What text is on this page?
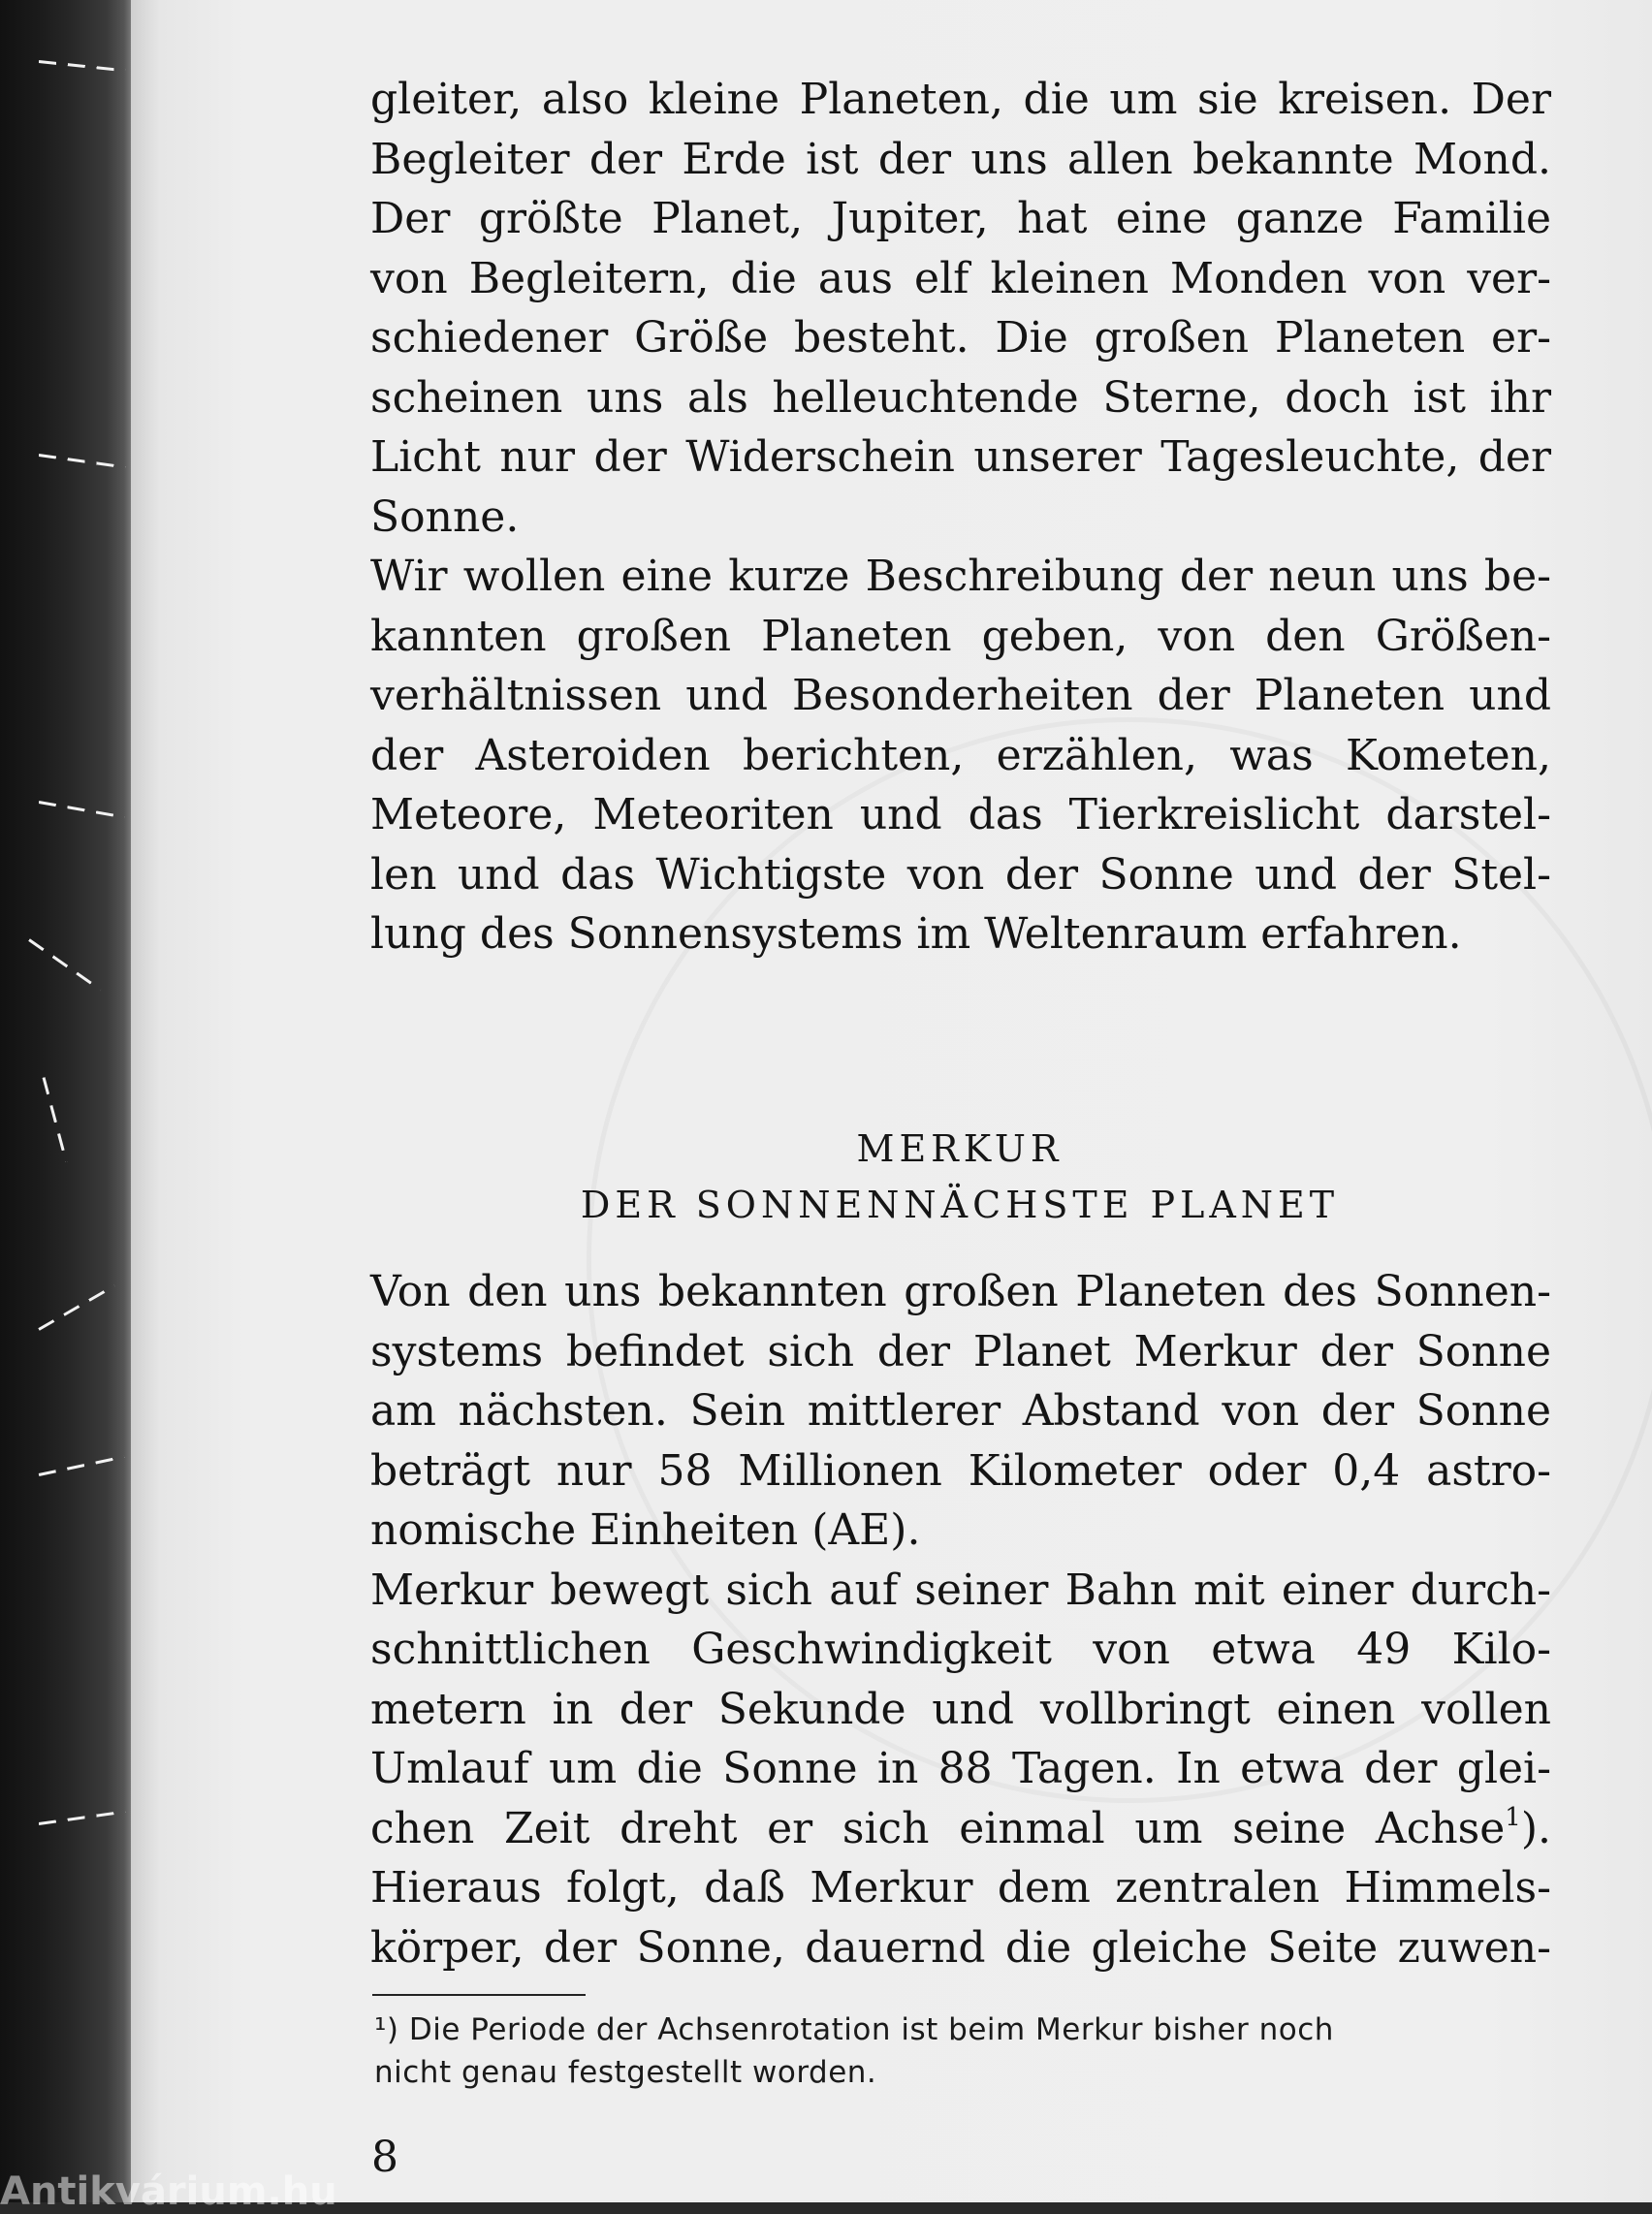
gleiter, also kleine Planeten, die um sie kreisen. Der
Begleiter der Erde ist der uns allen bekannte Mond.
Der größte Planet, Jupiter, hat eine ganze Familie
von Begleitern, die aus elf kleinen Monden von ver-
schiedener Größe besteht. Die großen Planeten er-
scheinen uns als helleuchtende Sterne, doch ist ihr
Licht nur der Widerschein unserer Tagesleuchte, der
Sonne.
Wir wollen eine kurze Beschreibung der neun uns be-
kannten großen Planeten geben, von den Größen-
verhältnissen und Besonderheiten der Planeten und
der Asteroiden berichten, erzählen, was Kometen,
Meteore, Meteoriten und das Tierkreislicht darstel-
len und das Wichtigste von der Sonne und der Stel-
lung des Sonnensystems im Weltenraum erfahren.
MERKUR
DER SONNENNÄCHSTE PLANET
Von den uns bekannten großen Planeten des Sonnen-
systems befindet sich der Planet Merkur der Sonne
am nächsten. Sein mittlerer Abstand von der Sonne
beträgt nur 58 Millionen Kilometer oder 0,4 astro-
nomische Einheiten (AE).
Merkur bewegt sich auf seiner Bahn mit einer durch-
schnittlichen Geschwindigkeit von etwa 49 Kilo-
metern in der Sekunde und vollbringt einen vollen
Umlauf um die Sonne in 88 Tagen. In etwa der glei-
chen Zeit dreht er sich einmal um seine Achse$^1$).
Hieraus folgt, daß Merkur dem zentralen Himmels-
körper, der Sonne, dauernd die gleiche Seite zuwen-
¹) Die Periode der Achsenrotation ist beim Merkur bisher noch
nicht genau festgestellt worden.
8
Antikvárium.hu
